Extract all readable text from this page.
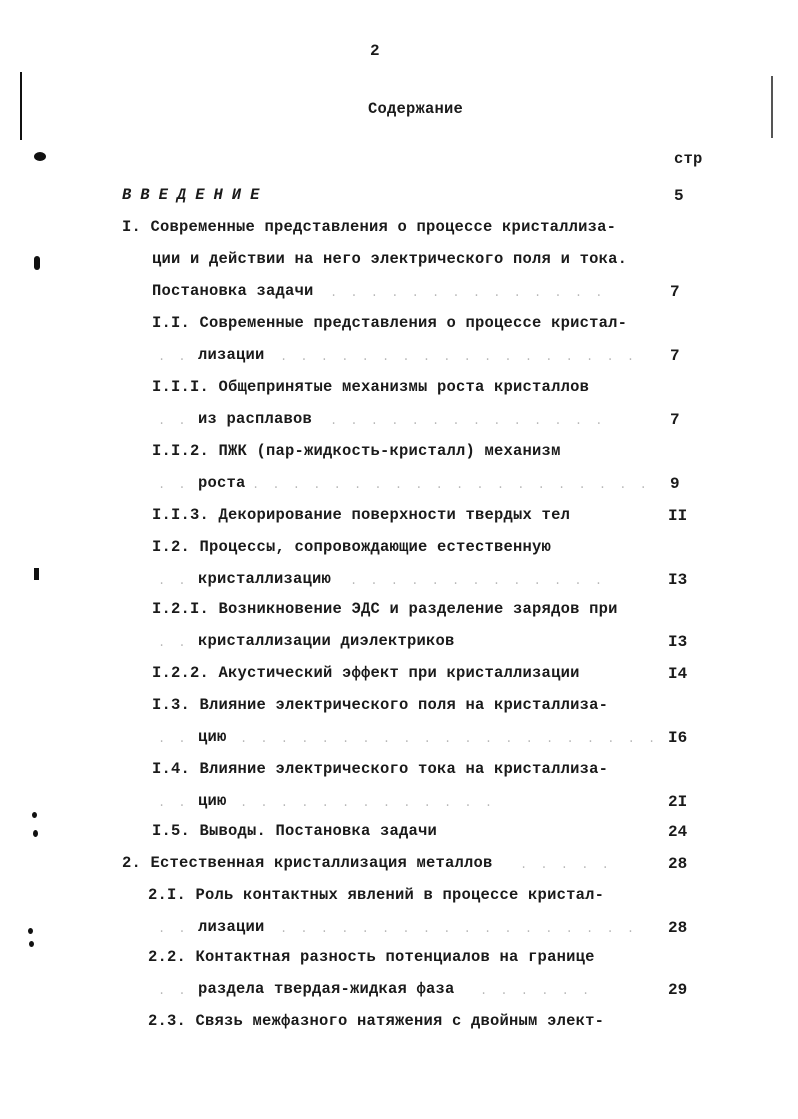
2
Содержание
стр
ВВЕДЕНИЕ	5
I. Современные представления о процессе кристаллиза-
ции и действии на него электрического поля и тока.
Постановка задачи . . . . . . . . . . . . . .	7
I.I. Современные представления о процессе кристал-
. . лизации . . . . . . . . . . . . . . . . . . 7
I.I.I. Общепринятые механизмы роста кристаллов
. . из расплавов . . . . . . . . . . . . . .	7
I.I.2. ПЖК (пар-жидкость-кристалл) механизм
. . роста . . . . . . . . . . . . . . . . . . . . 9
I.I.3. Декорирование поверхности твердых тел	II
I.2. Процессы, сопровождающие естественную
. . кристаллизацию . . . . . . . . . . . . .	I3
I.2.I. Возникновение ЭДС и разделение зарядов при
. . кристаллизации диэлектриков	I3
I.2.2. Акустический эффект при кристаллизации	I4
I.3. Влияние электрического поля на кристаллиза-
. . цию . . . . . . . . . . . . . . . . . . . . . I6
I.4. Влияние электрического тока на кристаллиза-
. . цию . . . . . . . . . . . . .	2I
I.5. Выводы. Постановка задачи	24
2. Естественная кристаллизация металлов . . . . .	28
2.I. Роль контактных явлений в процессе кристал-
. . лизации . . . . . . . . . . . . . . . . . . 28
2.2. Контактная разность потенциалов на границе
. . раздела твердая-жидкая фаза . . . . . .	29
2.3. Связь межфазного натяжения с двойным элект-
